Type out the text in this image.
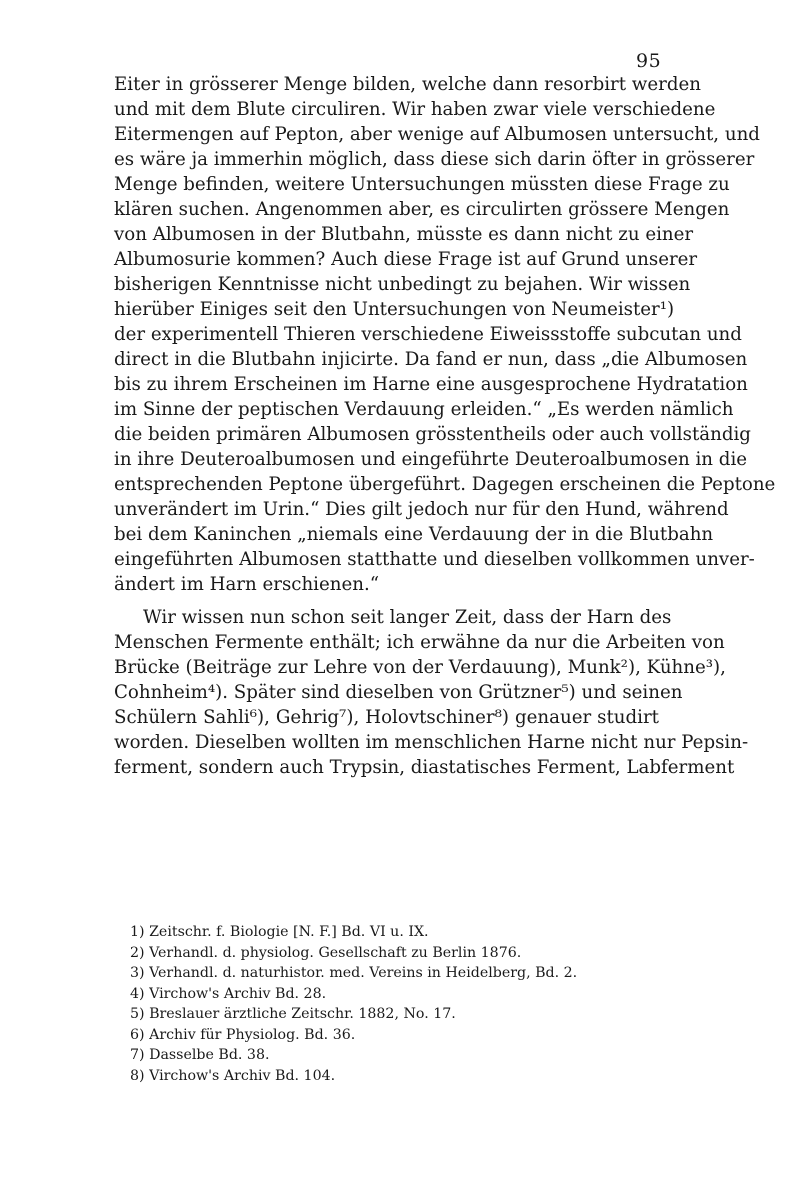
95
Eiter in grösserer Menge bilden, welche dann resorbirt werden
und mit dem Blute circuliren. Wir haben zwar viele verschiedene
Eitermengen auf Pepton, aber wenige auf Albumosen untersucht, und
es wäre ja immerhin möglich, dass diese sich darin öfter in grösserer
Menge befinden, weitere Untersuchungen müssten diese Frage zu
klären suchen. Angenommen aber, es circulirten grössere Mengen
von Albumosen in der Blutbahn, müsste es dann nicht zu einer
Albumosurie kommen? Auch diese Frage ist auf Grund unserer
bisherigen Kenntnisse nicht unbedingt zu bejahen. Wir wissen
hierüber Einiges seit den Untersuchungen von Neumeister¹)
der experimentell Thieren verschiedene Eiweissstoffe subcutan und
direct in die Blutbahn injicirte. Da fand er nun, dass „die Albumosen
bis zu ihrem Erscheinen im Harne eine ausgesprochene Hydratation
im Sinne der peptischen Verdauung erleiden.“ „Es werden nämlich
die beiden primären Albumosen grösstentheils oder auch vollständig
in ihre Deuteroalbumosen und eingeführte Deuteroalbumosen in die
entsprechenden Peptone übergeführt. Dagegen erscheinen die Peptone
unverändert im Urin.“ Dies gilt jedoch nur für den Hund, während
bei dem Kaninchen „niemals eine Verdauung der in die Blutbahn
eingeführten Albumosen statthatte und dieselben vollkommen unver-
ändert im Harn erschienen.“
Wir wissen nun schon seit langer Zeit, dass der Harn des
Menschen Fermente enthält; ich erwähne da nur die Arbeiten von
Brücke (Beiträge zur Lehre von der Verdauung), Munk²), Kühne³),
Cohnheim⁴). Später sind dieselben von Grützner⁵) und seinen
Schülern Sahli⁶), Gehrig⁷), Holovtschiner⁸) genauer studirt
worden. Dieselben wollten im menschlichen Harne nicht nur Pepsin-
ferment, sondern auch Trypsin, diastatisches Ferment, Labferment
1) Zeitschr. f. Biologie [N. F.] Bd. VI u. IX.
2) Verhandl. d. physiolog. Gesellschaft zu Berlin 1876.
3) Verhandl. d. naturhistor. med. Vereins in Heidelberg, Bd. 2.
4) Virchow's Archiv Bd. 28.
5) Breslauer ärztliche Zeitschr. 1882, No. 17.
6) Archiv für Physiolog. Bd. 36.
7) Dasselbe Bd. 38.
8) Virchow's Archiv Bd. 104.
